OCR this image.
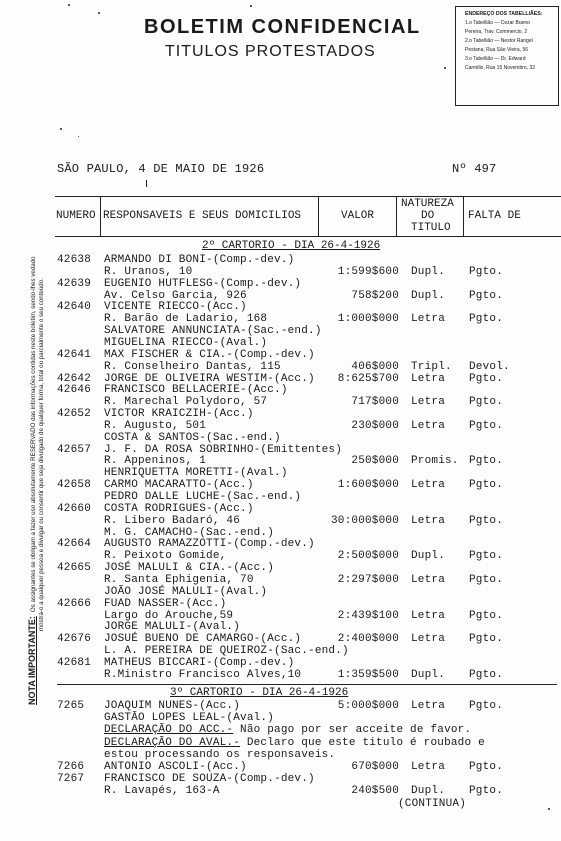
BOLETIM CONFIDENCIAL
TITULOS PROTESTADOS
ENDEREÇO DOS TABELLIÃES:
1.o Tabellião — Cezar Bueno
Pereira, Trav. Commercio, 2
2.o Tabellião — Nestor Rangel
Pestana, Rua São Vieira, 56
3.o Tabellião — Dr. Edward
Carmillo, Rua 15 Novembro, 32
NOTA IMPORTANTE:Os assignantes se obrigam a fazer uso absolutamente RESERVADO das informações contidas neste boletim, sendo-lhes vedado mostrá-o a qualquer pessoa e divulgar ou consentir que seja divulgado de qualquer forma, total ou parcialmente o seu conteúdo.
SÃO PAULO, 4 DE MAIO DE 1926	Nº 497
NUMERO RESPONSAVEIS E SEUS DOMICILIOS	VALOR
NATUREZA
DO
TITULO
FALTA DE
2º CARTORIO - DIA 26-4-1926
42638 ARMANDO DI BONI-(Comp.-dev.)
R. Uranos, 10	1:599$600 Dupl. Pgto.
42639 EUGENIO HUTFLESG-(Comp.-dev.)
Av. Celso Garcia, 926	758$200 Dupl. Pgto.
42640 VICENTE RIECCO-(Acc.)
R. Barão de Ladario, 168	1:000$000 Letra Pgto.
SALVATORE ANNUNCIATA-(Sac.-end.)
MIGUELINA RIECCO-(Aval.)
42641 MAX FISCHER & CIA.-(Comp.-dev.)
R. Conselheiro Dantas, 115	406$000 Tripl. Devol.
42642 JORGE DE OLIVEIRA WESTIM-(Acc.) 8:625$700 Letra Pgto.
42646 FRANCISCO BELLACERIE-(Acc.)
R. Marechal Polydoro, 57	717$000 Letra Pgto.
42652 VICTOR KRAICZIH-(Acc.)
R. Augusto, 501	230$000 Letra Pgto.
COSTA & SANTOS-(Sac.-end.)
42657 J. F. DA ROSA SOBRINHO-(Emittentes)
R. Appeninos, 1	250$000 Promis. Pgto.
HENRIQUETTA MORETTI-(Aval.)
42658 CARMO MACARATTO-(Acc.)	1:600$000 Letra Pgto.
PEDRO DALLE LUCHE-(Sac.-end.)
42660 COSTA RODRIGUES-(Acc.)
R. Libero Badaró, 46	30:000$000 Letra Pgto.
M. G. CAMACHO-(Sac.-end.)
42664 AUGUSTO RAMAZZOTTI-(Comp.-dev.)
R. Peixoto Gomide,	2:500$000 Dupl. Pgto.
42665 JOSÉ MALULI & CIA.-(Acc.)
R. Santa Ephigenia, 70	2:297$000 Letra Pgto.
JOÃO JOSÉ MALULI-(Aval.)
42666 FUAD NASSER-(Acc.)
Largo do Arouche,59	2:439$100 Letra Pgto.
JORGE MALULI-(Aval.)
42676 JOSUÉ BUENO DE CAMARGO-(Acc.)	2:400$000 Letra Pgto.
L. A. PEREIRA DE QUEIROZ-(Sac.-end.)
42681 MATHEUS BICCARI-(Comp.-dev.)
R.Ministro Francisco Alves,10	1:359$500 Dupl. Pgto.
3º CARTORIO - DIA 26-4-1926
7265 JOAQUIM NUNES-(Acc.)	5:000$000 Letra Pgto.
GASTÃO LOPES LEAL-(Aval.)
DECLARAÇÃO DO ACC.- Não pago por ser acceite de favor.
DECLARAÇÃO DO AVAL.- Declaro que este titulo é roubado e
estou processando os responsaveis.
7266 ANTONIO ASCOLI-(Acc.)	670$000 Letra Pgto.
7267 FRANCISCO DE SOUZA-(Comp.-dev.)
R. Lavapés, 163-A	240$500 Dupl. Pgto.
(CONTINUA)
